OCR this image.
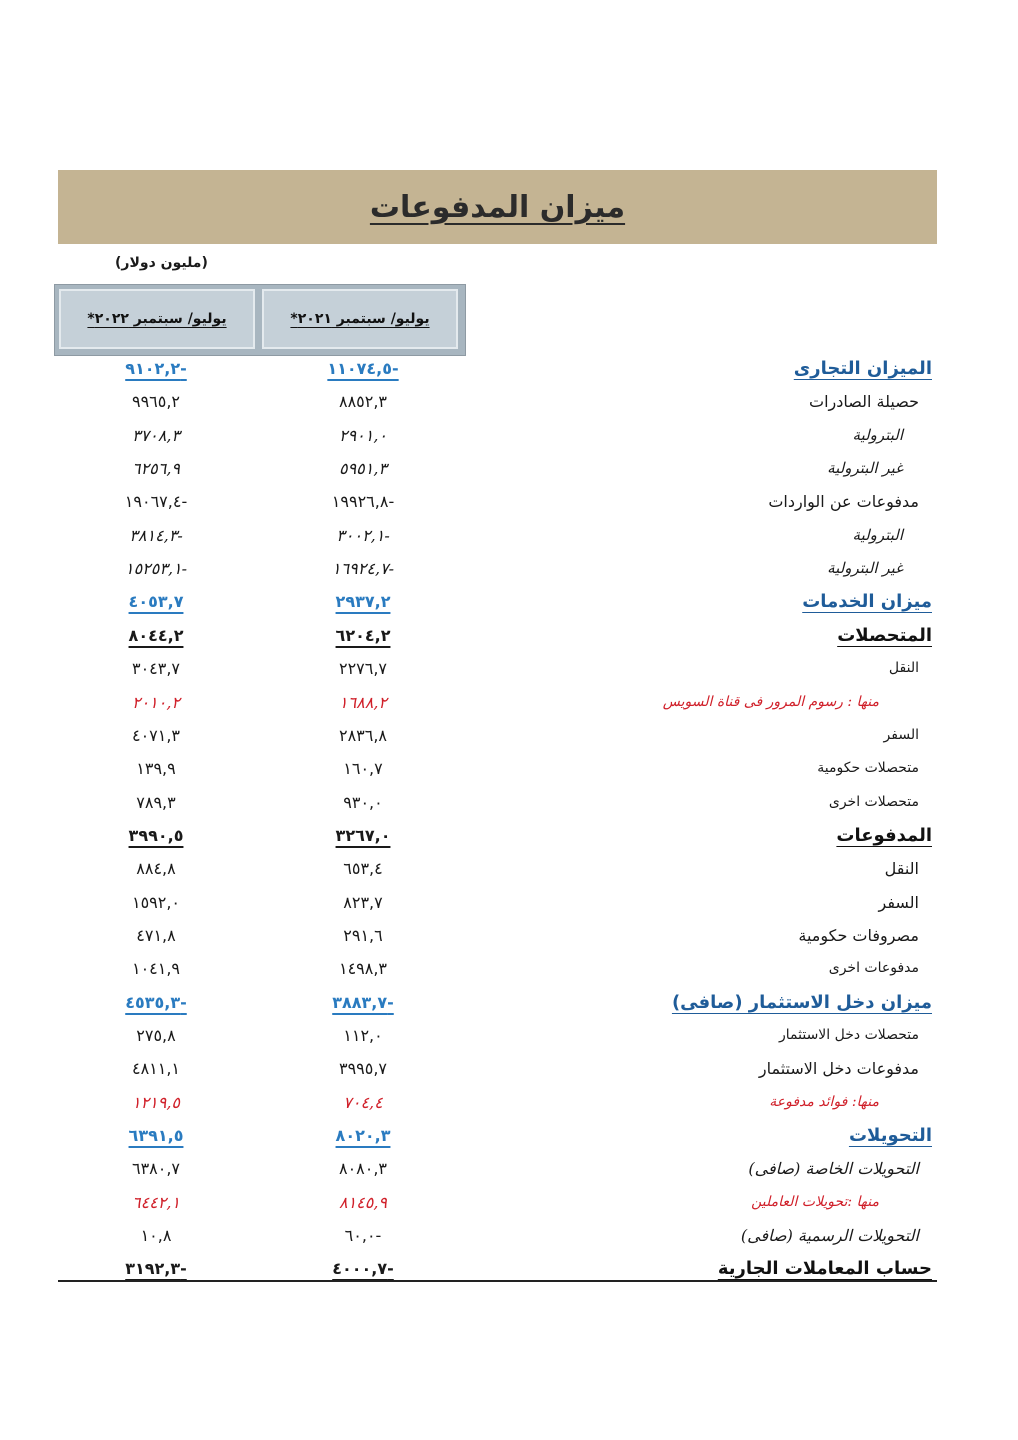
ميزان المدفوعات
(مليون دولار)
يوليو/ سبتمبر ٢٠٢٢*	يوليو/ سبتمبر ٢٠٢١*
الميزان التجارى
-١١٠٧٤,٥
-٩١٠٢,٢
حصيلة الصادرات
٨٨٥٢,٣
٩٩٦٥,٢
البترولية
٢٩٠١,٠
٣٧٠٨,٣
غير البترولية
٥٩٥١,٣
٦٢٥٦,٩
مدفوعات عن الواردات
-١٩٩٢٦,٨
-١٩٠٦٧,٤
البترولية
-٣٠٠٢,١
-٣٨١٤,٣
غير البترولية
-١٦٩٢٤,٧
-١٥٢٥٣,١
ميزان الخدمات
٢٩٣٧,٢
٤٠٥٣,٧
المتحصلات
٦٢٠٤,٢
٨٠٤٤,٢
النقل
٢٢٧٦,٧
٣٠٤٣,٧
منها : رسوم المرور فى قناة السويس
١٦٨٨,٢
٢٠١٠,٢
السفر
٢٨٣٦,٨
٤٠٧١,٣
متحصلات حكومية
١٦٠,٧
١٣٩,٩
متحصلات اخرى
٩٣٠,٠
٧٨٩,٣
المدفوعات
٣٢٦٧,٠
٣٩٩٠,٥
النقل
٦٥٣,٤
٨٨٤,٨
السفر
٨٢٣,٧
١٥٩٢,٠
مصروفات حكومية
٢٩١,٦
٤٧١,٨
مدفوعات اخرى
١٤٩٨,٣
١٠٤١,٩
ميزان دخل الاستثمار (صافى)
-٣٨٨٣,٧
-٤٥٣٥,٣
متحصلات دخل الاستثمار
١١٢,٠
٢٧٥,٨
مدفوعات دخل الاستثمار
٣٩٩٥,٧
٤٨١١,١
منها: فوائد مدفوعة
٧٠٤,٤
١٢١٩,٥
التحويلات
٨٠٢٠,٣
٦٣٩١,٥
التحويلات الخاصة (صافى)
٨٠٨٠,٣
٦٣٨٠,٧
منها :تحويلات العاملين
٨١٤٥,٩
٦٤٤٢,١
التحويلات الرسمية (صافى)
-٦٠,٠
١٠,٨
حساب المعاملات الجارية
-٤٠٠٠,٧
-٣١٩٢,٣
